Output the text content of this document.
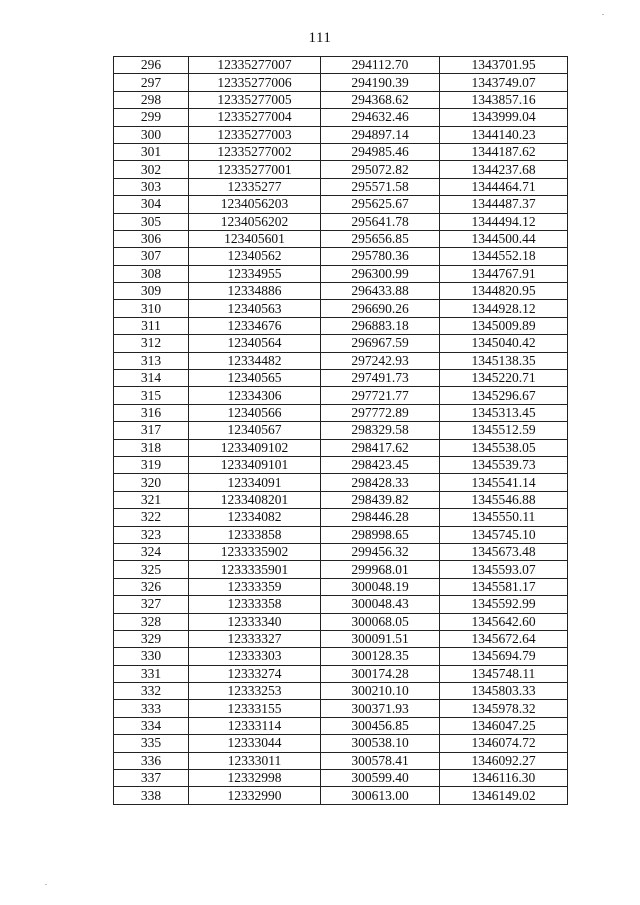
111
296	12335277007	294112.70	1343701.95
297	12335277006	294190.39	1343749.07
298	12335277005	294368.62	1343857.16
299	12335277004	294632.46	1343999.04
300	12335277003	294897.14	1344140.23
301	12335277002	294985.46	1344187.62
302	12335277001	295072.82	1344237.68
303	12335277	295571.58	1344464.71
304	1234056203	295625.67	1344487.37
305	1234056202	295641.78	1344494.12
306	123405601	295656.85	1344500.44
307	12340562	295780.36	1344552.18
308	12334955	296300.99	1344767.91
309	12334886	296433.88	1344820.95
310	12340563	296690.26	1344928.12
311	12334676	296883.18	1345009.89
312	12340564	296967.59	1345040.42
313	12334482	297242.93	1345138.35
314	12340565	297491.73	1345220.71
315	12334306	297721.77	1345296.67
316	12340566	297772.89	1345313.45
317	12340567	298329.58	1345512.59
318	1233409102	298417.62	1345538.05
319	1233409101	298423.45	1345539.73
320	12334091	298428.33	1345541.14
321	1233408201	298439.82	1345546.88
322	12334082	298446.28	1345550.11
323	12333858	298998.65	1345745.10
324	1233335902	299456.32	1345673.48
325	1233335901	299968.01	1345593.07
326	12333359	300048.19	1345581.17
327	12333358	300048.43	1345592.99
328	12333340	300068.05	1345642.60
329	12333327	300091.51	1345672.64
330	12333303	300128.35	1345694.79
331	12333274	300174.28	1345748.11
332	12333253	300210.10	1345803.33
333	12333155	300371.93	1345978.32
334	12333114	300456.85	1346047.25
335	12333044	300538.10	1346074.72
336	12333011	300578.41	1346092.27
337	12332998	300599.40	1346116.30
338	12332990	300613.00	1346149.02
